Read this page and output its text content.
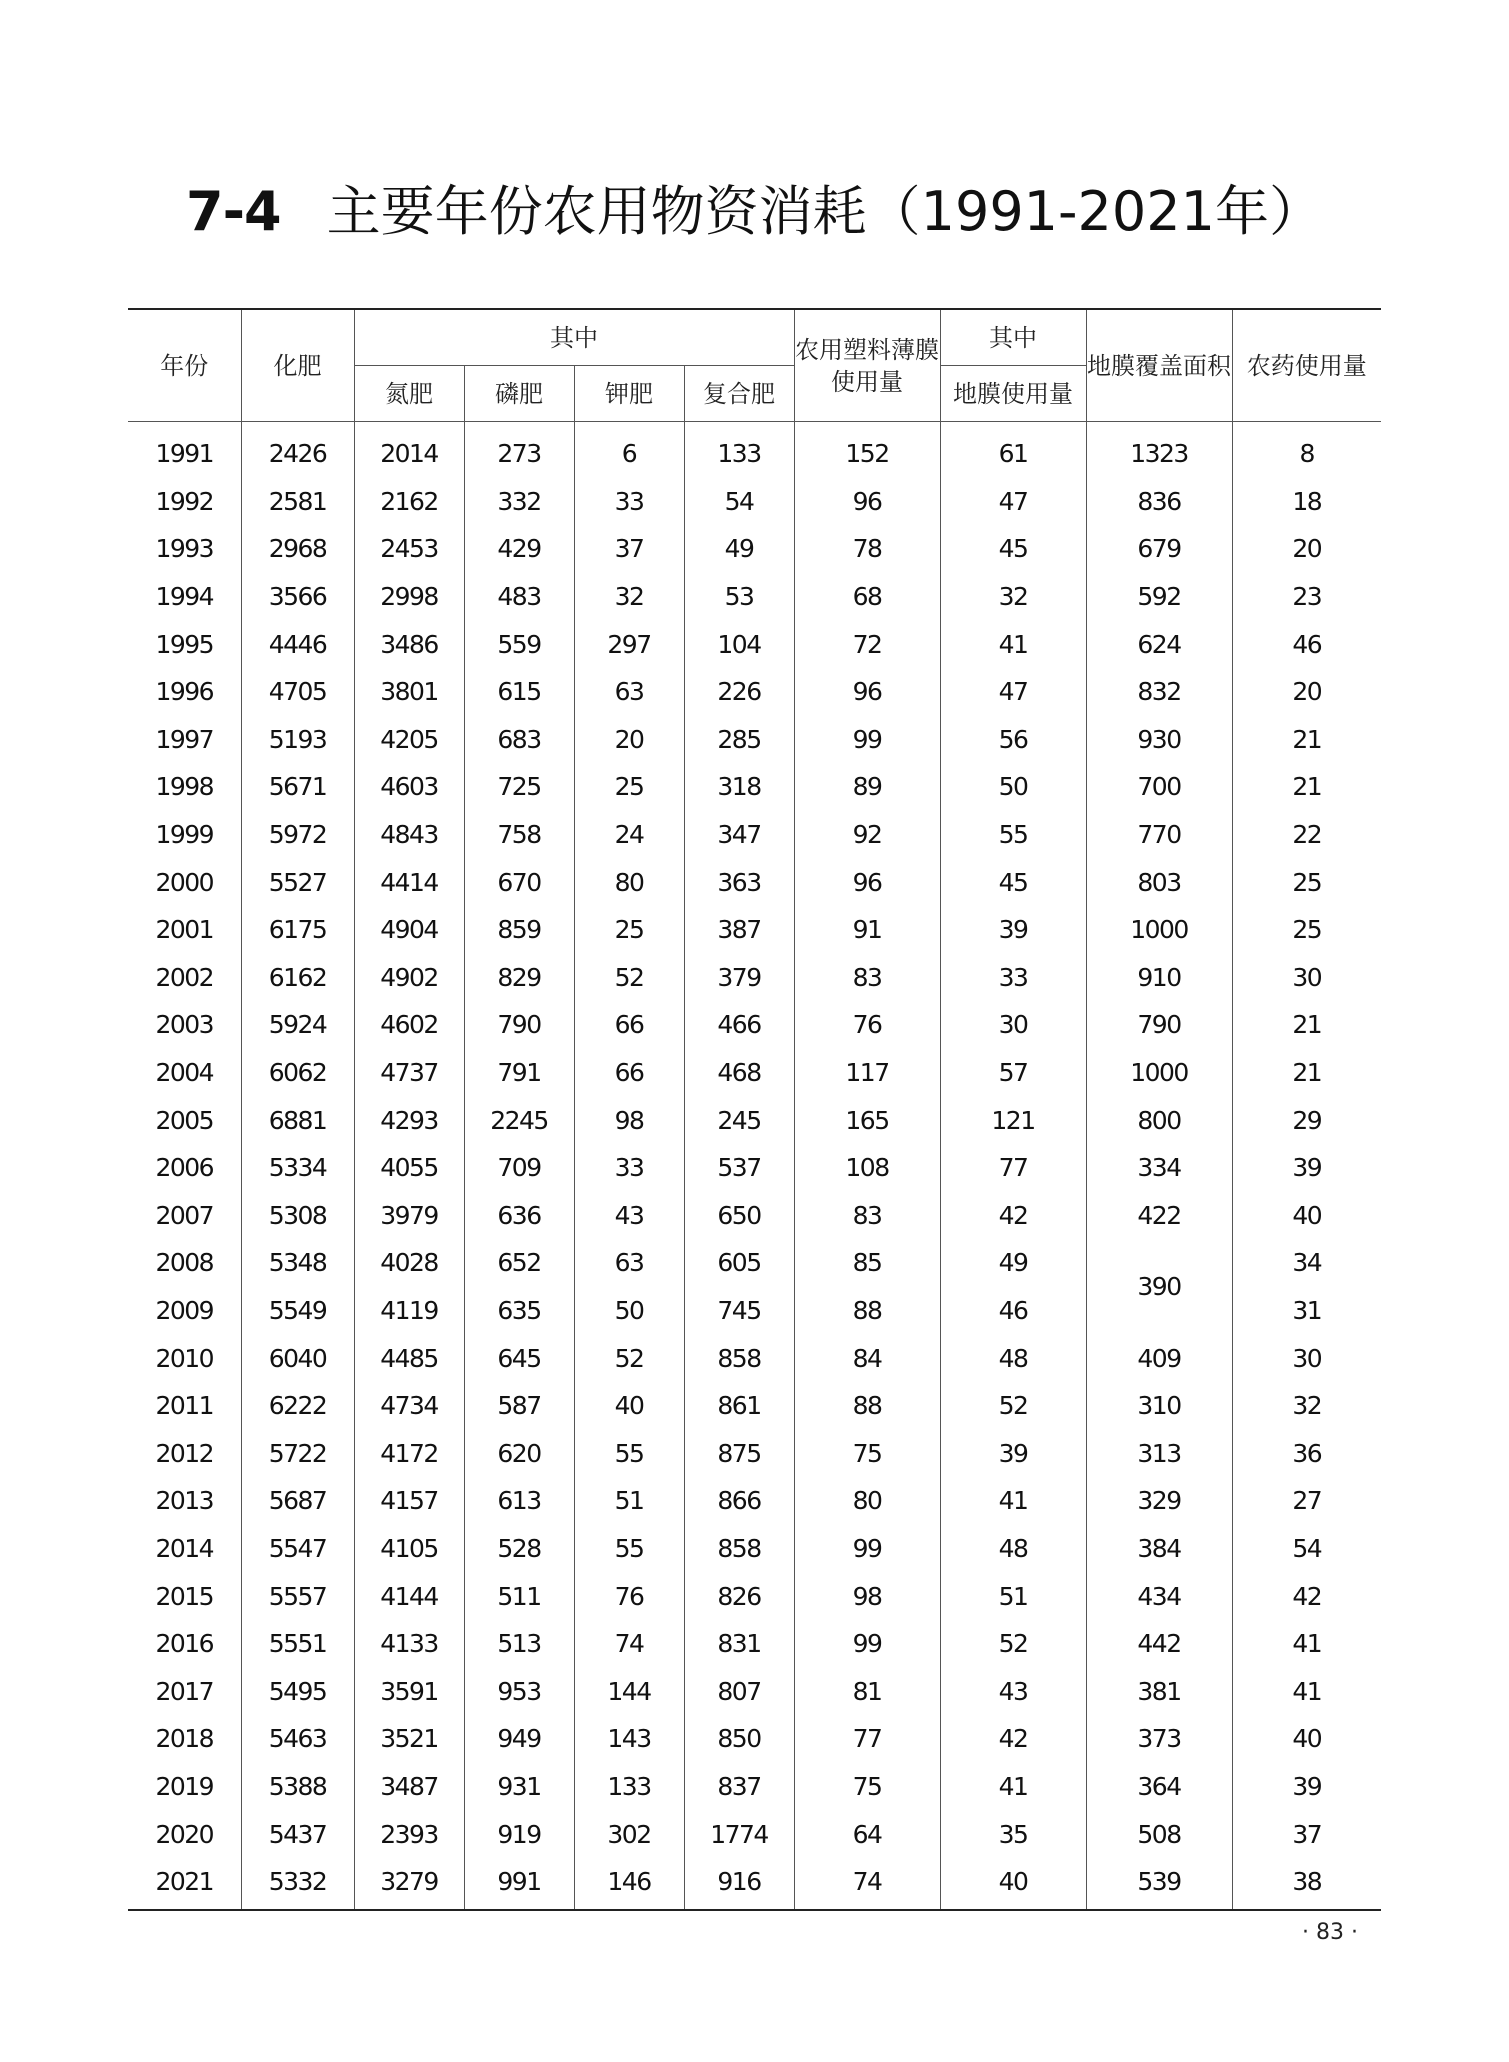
7-4 主要年份农用物资消耗（1991-2021年）
年份	化肥	其中				农用塑料薄膜使用量	其中	地膜覆盖面积	农药使用量
		氮肥	磷肥	钾肥	复合肥		地膜使用量		
1991	2426	2014	273	6	133	152	61	1323	8
1992	2581	2162	332	33	54	96	47	836	18
1993	2968	2453	429	37	49	78	45	679	20
1994	3566	2998	483	32	53	68	32	592	23
1995	4446	3486	559	297	104	72	41	624	46
1996	4705	3801	615	63	226	96	47	832	20
1997	5193	4205	683	20	285	99	56	930	21
1998	5671	4603	725	25	318	89	50	700	21
1999	5972	4843	758	24	347	92	55	770	22
2000	5527	4414	670	80	363	96	45	803	25
2001	6175	4904	859	25	387	91	39	1000	25
2002	6162	4902	829	52	379	83	33	910	30
2003	5924	4602	790	66	466	76	30	790	21
2004	6062	4737	791	66	468	117	57	1000	21
2005	6881	4293	2245	98	245	165	121	800	29
2006	5334	4055	709	33	537	108	77	334	39
2007	5308	3979	636	43	650	83	42	422	40
2008	5348	4028	652	63	605	85	49	390	34
2009	5549	4119	635	50	745	88	46		31
2010	6040	4485	645	52	858	84	48	409	30
2011	6222	4734	587	40	861	88	52	310	32
2012	5722	4172	620	55	875	75	39	313	36
2013	5687	4157	613	51	866	80	41	329	27
2014	5547	4105	528	55	858	99	48	384	54
2015	5557	4144	511	76	826	98	51	434	42
2016	5551	4133	513	74	831	99	52	442	41
2017	5495	3591	953	144	807	81	43	381	41
2018	5463	3521	949	143	850	77	42	373	40
2019	5388	3487	931	133	837	75	41	364	39
2020	5437	2393	919	302	1774	64	35	508	37
2021	5332	3279	991	146	916	74	40	539	38
· 83 ·
